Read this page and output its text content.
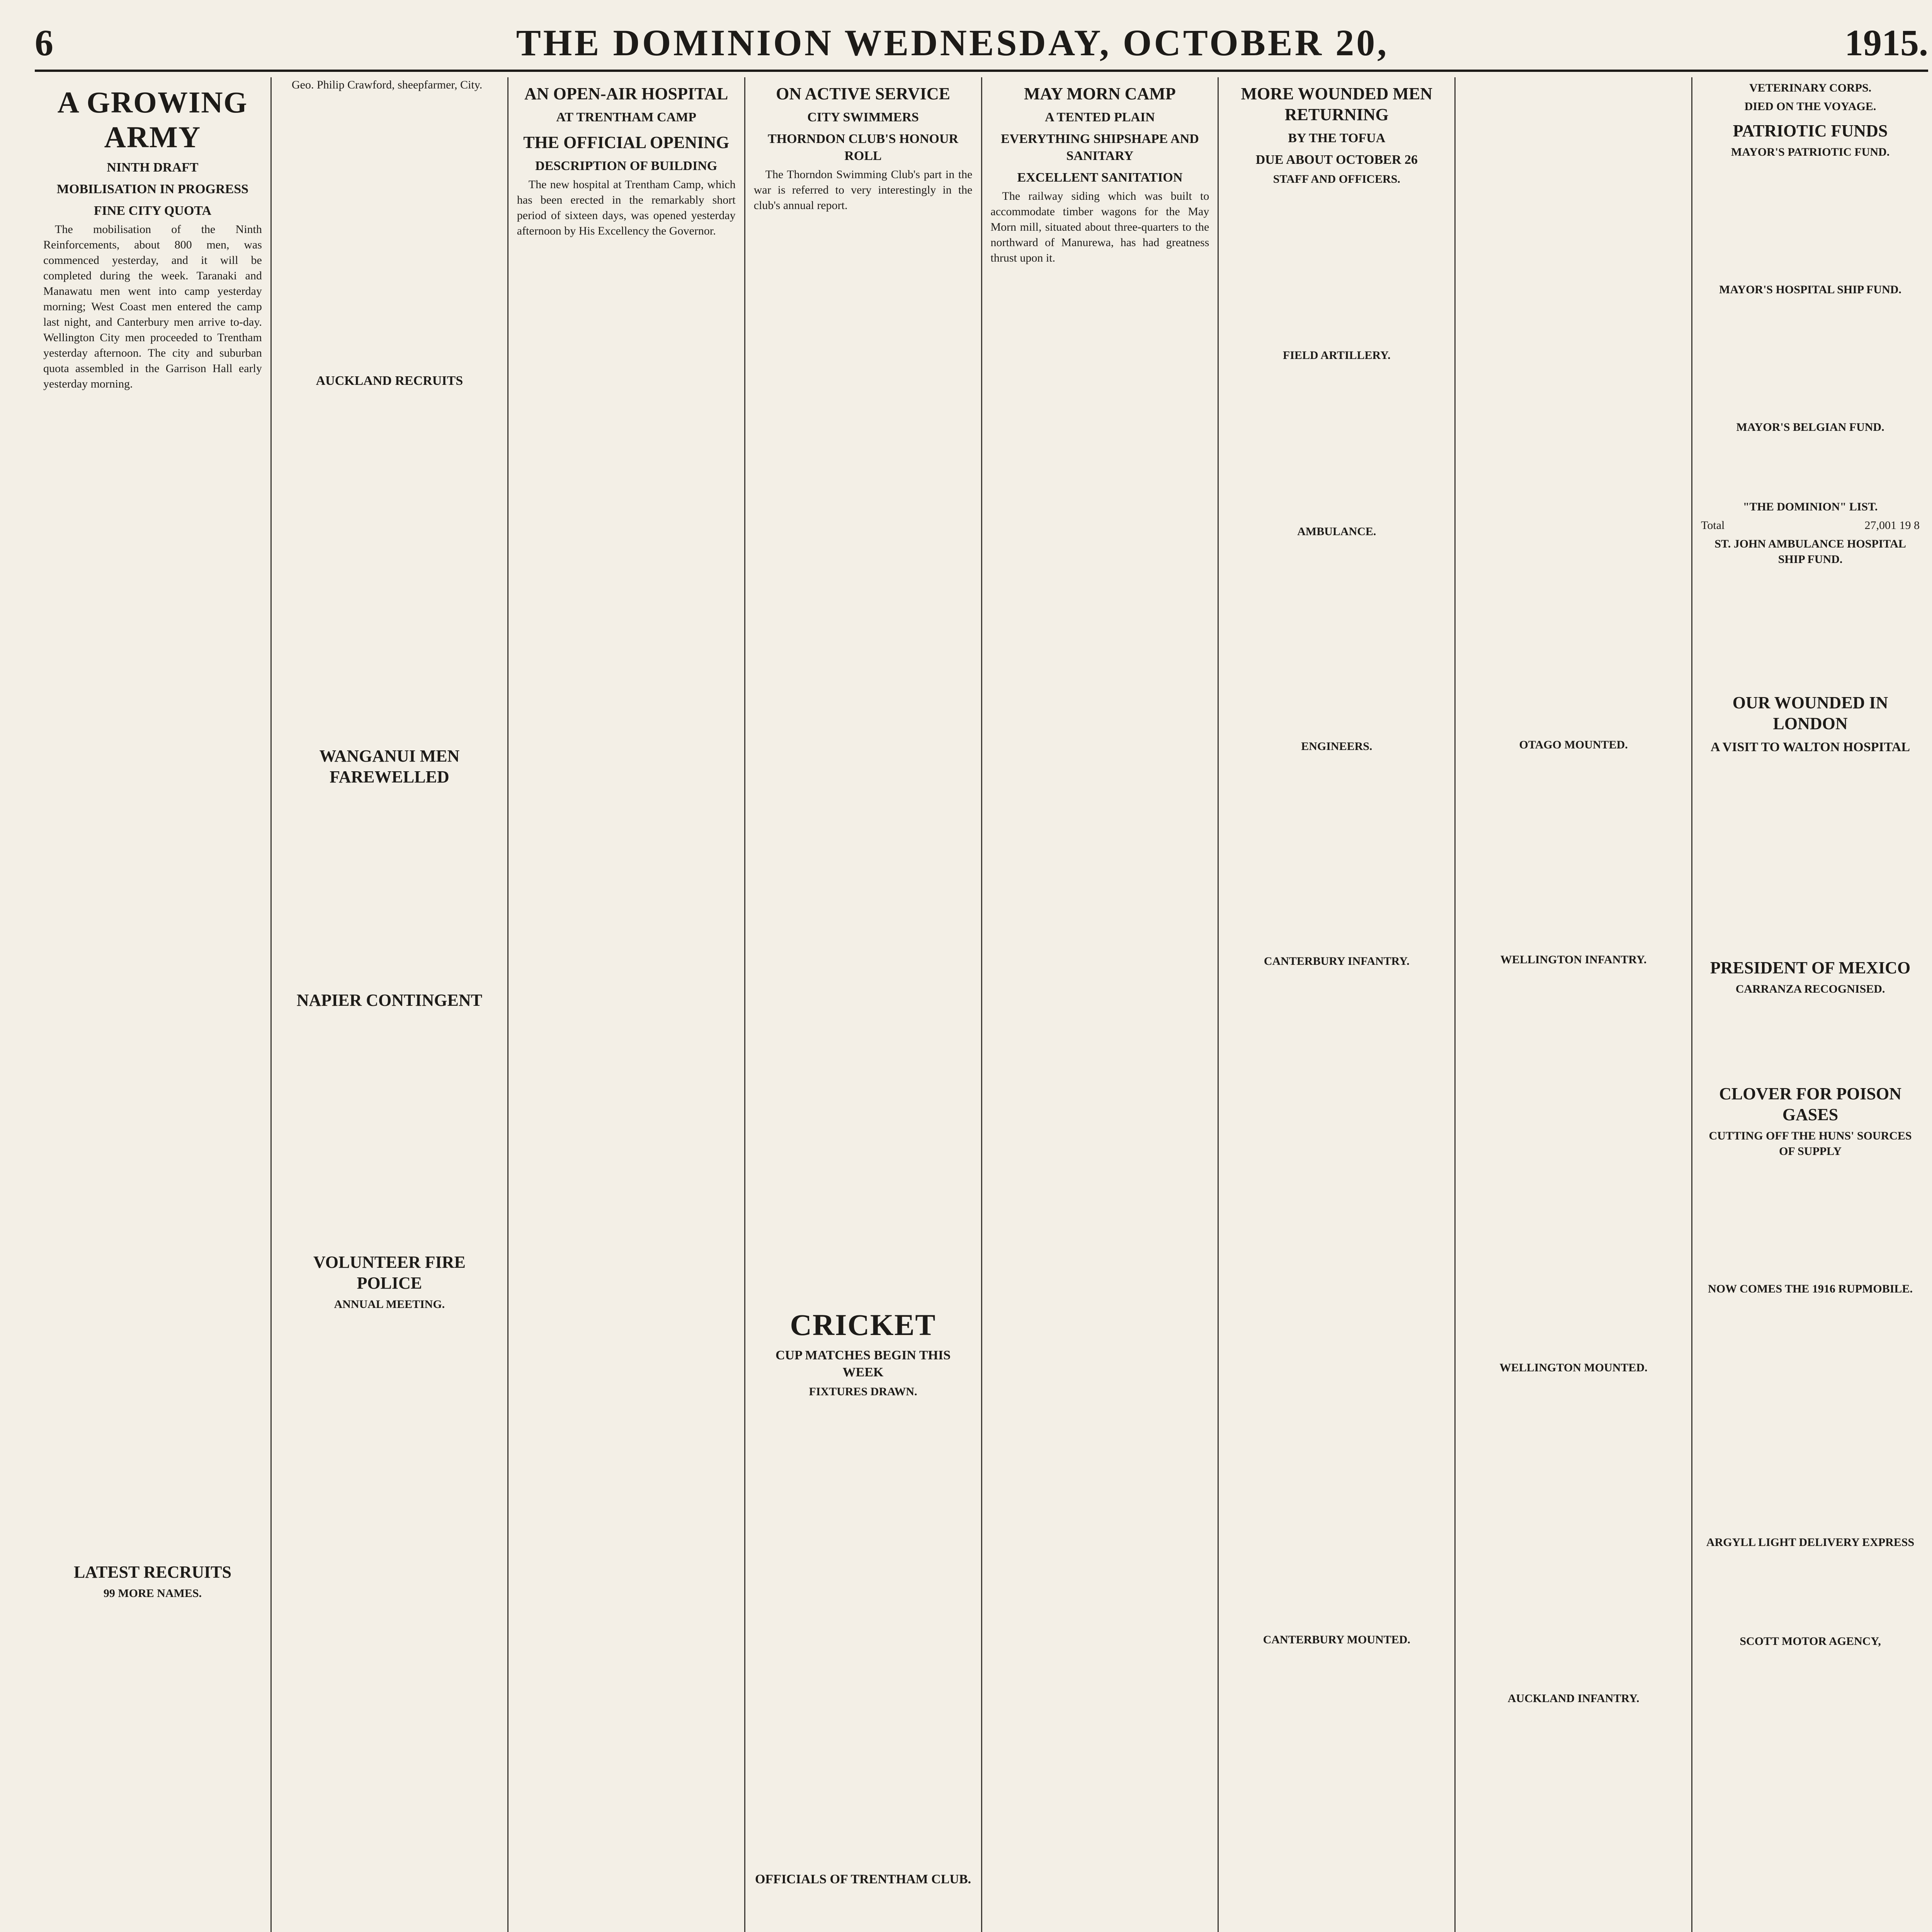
6	THE DOMINION WEDNESDAY, OCTOBER 20,	1915.
A GROWING ARMY
NINTH DRAFT
MOBILISATION IN PROGRESS
FINE CITY QUOTA

The mobilisation of the Ninth Reinforcements, about 800 men, was commenced yesterday, and it will be completed during the week. Taranaki and Manawatu men went into camp yesterday morning; West Coast men entered the camp last night, and Canterbury men arrive to-day. Wellington City men proceeded to Trentham yesterday afternoon. The city and suburban quota assembled in the Garrison Hall early yesterday morning.

LATEST RECRUITS
99 MORE NAMES.

Geo. Philip Crawford, sheepfarmer, City.

AUCKLAND RECRUITS
WANGANUI MEN FAREWELLED
NAPIER CONTINGENT
VOLUNTEER FIRE POLICE
ANNUAL MEETING.
AN OPEN-AIR HOSPITAL
AT TRENTHAM CAMP
THE OFFICIAL OPENING
DESCRIPTION OF BUILDING

The new hospital at Trentham Camp, which has been erected in the remarkably short period of sixteen days, was opened yesterday afternoon by His Excellency the Governor.

ON ACTIVE SERVICE
CITY SWIMMERS
THORNDON CLUB'S HONOUR ROLL

The Thorndon Swimming Club's part in the war is referred to very interestingly in the club's annual report.

CRICKET
CUP MATCHES BEGIN THIS WEEK
FIXTURES DRAWN.
OFFICIALS OF TRENTHAM CLUB.
MAY MORN CAMP
A TENTED PLAIN
EVERYTHING SHIPSHAPE AND SANITARY
EXCELLENT SANITATION

The railway siding which was built to accommodate timber wagons for the May Morn mill, situated about three-quarters to the northward of Manurewa, has had greatness thrust upon it.

MORE WOUNDED MEN RETURNING
BY THE TOFUA
DUE ABOUT OCTOBER 26
STAFF AND OFFICERS.
FIELD ARTILLERY.
AMBULANCE.
ENGINEERS.
CANTERBURY INFANTRY.
CANTERBURY MOUNTED.
OTAGO MOUNTED.
WELLINGTON INFANTRY.
WELLINGTON MOUNTED.
AUCKLAND INFANTRY.
VETERINARY CORPS.
DIED ON THE VOYAGE.
PATRIOTIC FUNDS
MAYOR'S PATRIOTIC FUND.
MAYOR'S HOSPITAL SHIP FUND.
MAYOR'S BELGIAN FUND.
"THE DOMINION" LIST.
Total	27,001 19 8
ST. JOHN AMBULANCE HOSPITAL SHIP FUND.
OUR WOUNDED IN LONDON
A VISIT TO WALTON HOSPITAL
PRESIDENT OF MEXICO
CARRANZA RECOGNISED.
CLOVER FOR POISON GASES
CUTTING OFF THE HUNS' SOURCES OF SUPPLY
NOW COMES THE 1916 RUPMOBILE.
ARGYLL LIGHT DELIVERY EXPRESS
SCOTT MOTOR AGENCY,
